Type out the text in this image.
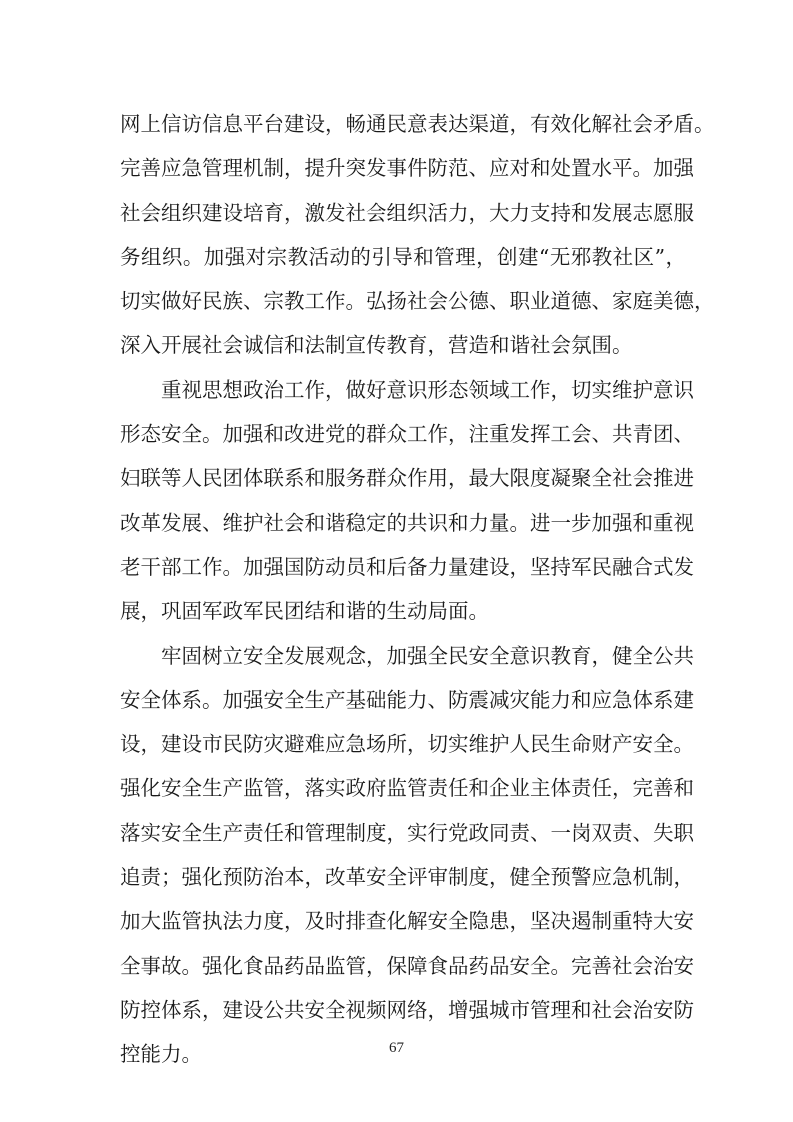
网上信访信息平台建设，畅通民意表达渠道，有效化解社会矛盾。
完善应急管理机制，提升突发事件防范、应对和处置水平。加强
社会组织建设培育，激发社会组织活力，大力支持和发展志愿服
务组织。加强对宗教活动的引导和管理，创建“无邪教社区”，
切实做好民族、宗教工作。弘扬社会公德、职业道德、家庭美德，
深入开展社会诚信和法制宣传教育，营造和谐社会氛围。
重视思想政治工作，做好意识形态领域工作，切实维护意识
形态安全。加强和改进党的群众工作，注重发挥工会、共青团、
妇联等人民团体联系和服务群众作用，最大限度凝聚全社会推进
改革发展、维护社会和谐稳定的共识和力量。进一步加强和重视
老干部工作。加强国防动员和后备力量建设，坚持军民融合式发
展，巩固军政军民团结和谐的生动局面。
牢固树立安全发展观念，加强全民安全意识教育，健全公共
安全体系。加强安全生产基础能力、防震减灾能力和应急体系建
设，建设市民防灾避难应急场所，切实维护人民生命财产安全。
强化安全生产监管，落实政府监管责任和企业主体责任，完善和
落实安全生产责任和管理制度，实行党政同责、一岗双责、失职
追责；强化预防治本，改革安全评审制度，健全预警应急机制，
加大监管执法力度，及时排查化解安全隐患，坚决遏制重特大安
全事故。强化食品药品监管，保障食品药品安全。完善社会治安
防控体系，建设公共安全视频网络，增强城市管理和社会治安防
控能力。	67
